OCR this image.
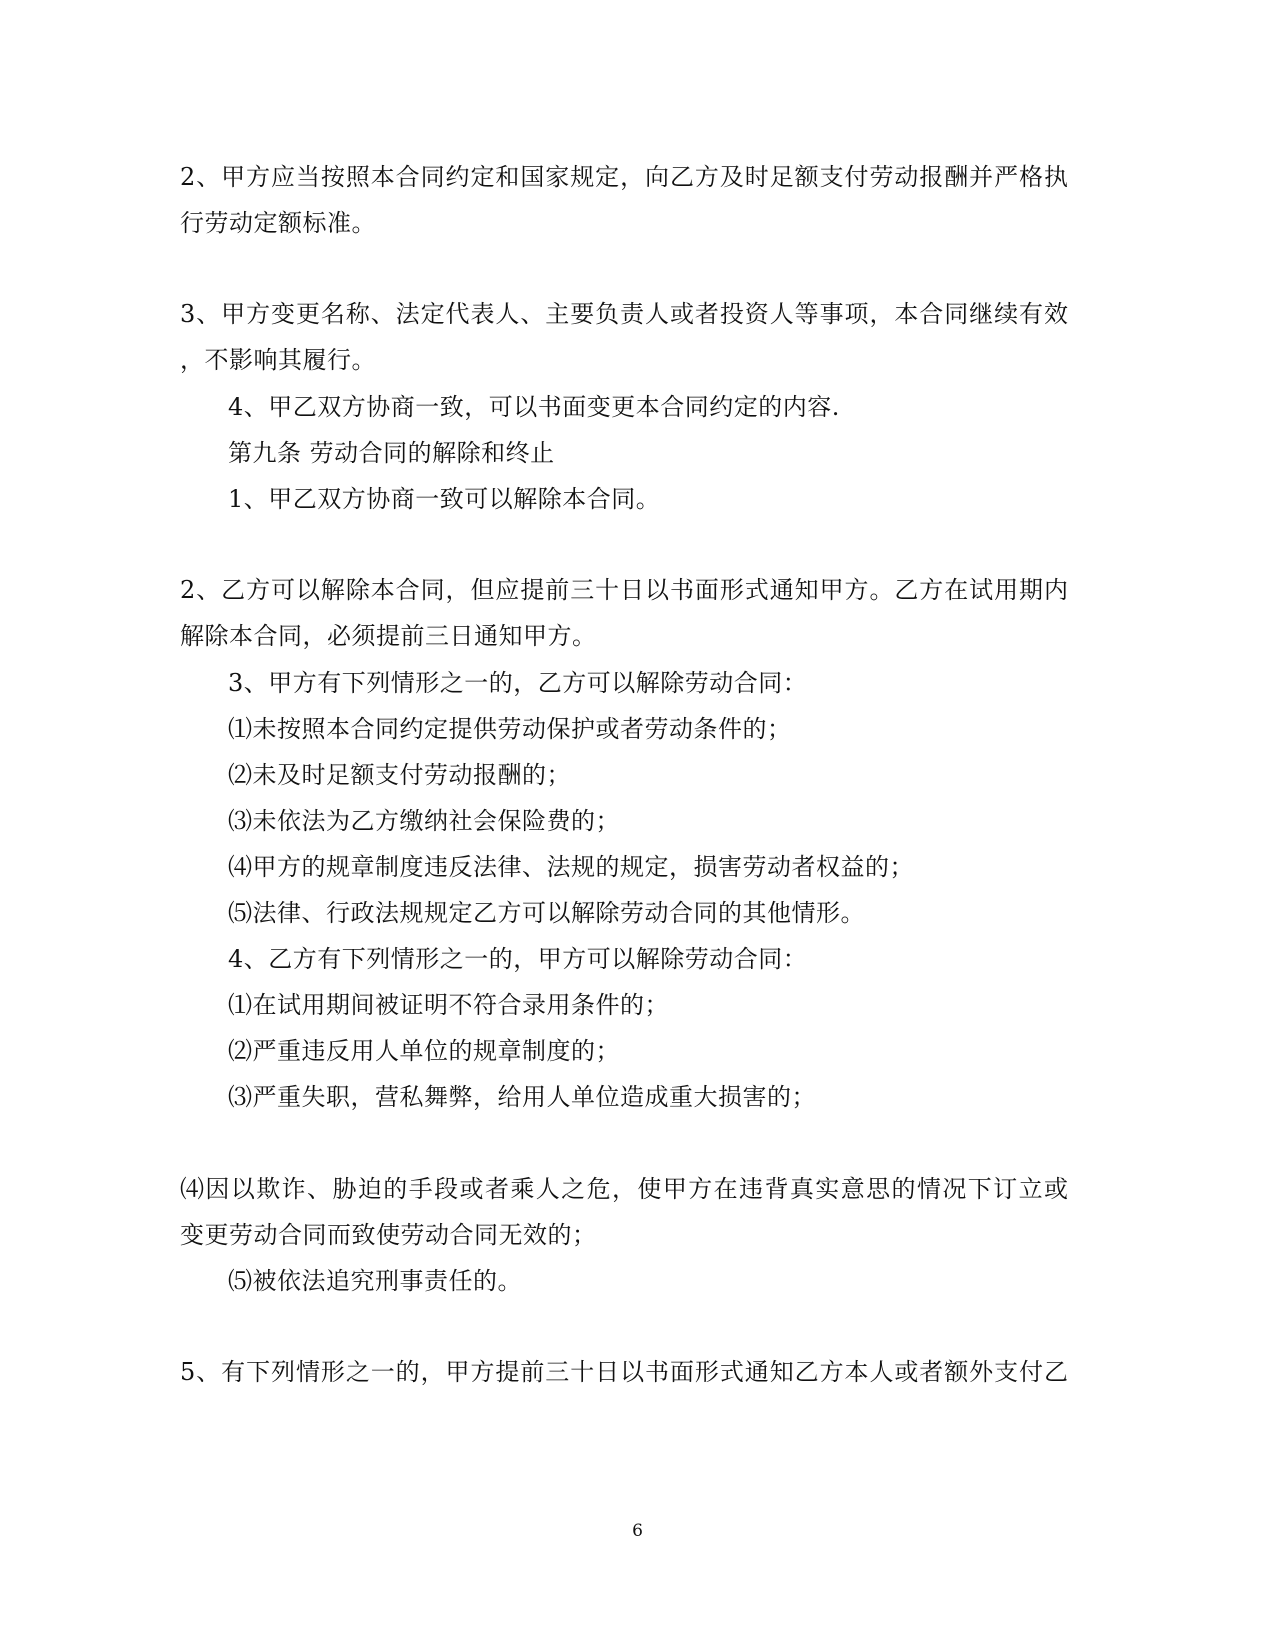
2、甲方应当按照本合同约定和国家规定，向乙方及时足额支付劳动报酬并严格执
行劳动定额标准。
3、甲方变更名称、法定代表人、主要负责人或者投资人等事项，本合同继续有效
，不影响其履行。
4、甲乙双方协商一致，可以书面变更本合同约定的内容.
第九条 劳动合同的解除和终止
1、甲乙双方协商一致可以解除本合同。
2、乙方可以解除本合同，但应提前三十日以书面形式通知甲方。乙方在试用期内
解除本合同，必须提前三日通知甲方。
3、甲方有下列情形之一的，乙方可以解除劳动合同：
⑴未按照本合同约定提供劳动保护或者劳动条件的；
⑵未及时足额支付劳动报酬的；
⑶未依法为乙方缴纳社会保险费的；
⑷甲方的规章制度违反法律、法规的规定，损害劳动者权益的；
⑸法律、行政法规规定乙方可以解除劳动合同的其他情形。
4、乙方有下列情形之一的，甲方可以解除劳动合同：
⑴在试用期间被证明不符合录用条件的；
⑵严重违反用人单位的规章制度的；
⑶严重失职，营私舞弊，给用人单位造成重大损害的；
⑷因以欺诈、胁迫的手段或者乘人之危，使甲方在违背真实意思的情况下订立或
变更劳动合同而致使劳动合同无效的；
⑸被依法追究刑事责任的。
5、有下列情形之一的，甲方提前三十日以书面形式通知乙方本人或者额外支付乙
6
